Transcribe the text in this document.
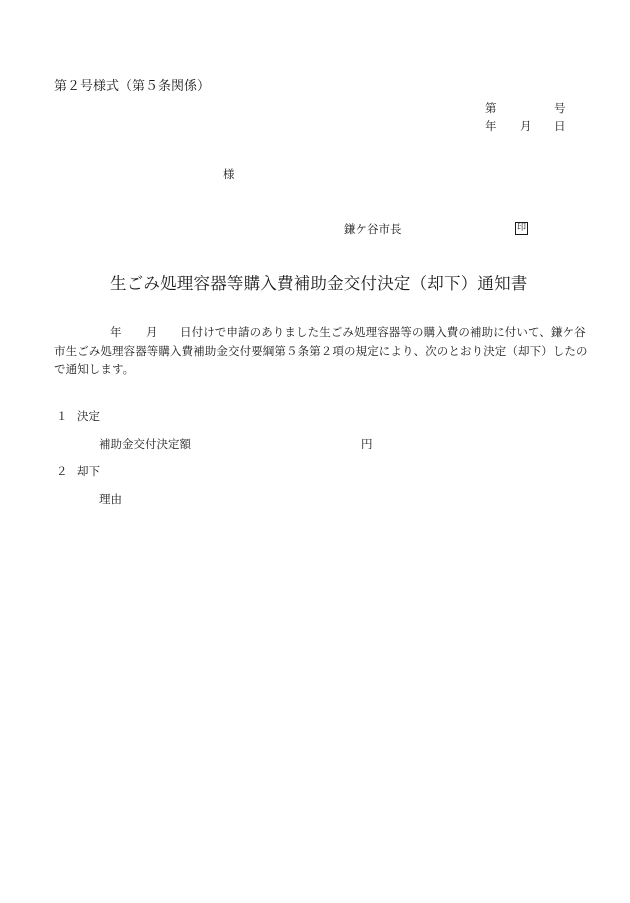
第２号様式（第５条関係）
第	号
年 月 日
様
鎌ケ谷市長	印
生ごみ処理容器等購入費補助金交付決定（却下）通知書
年 月 日付けで申請のありました生ごみ処理容器等の購入費の補助に付いて、鎌ケ谷
市生ごみ処理容器等購入費補助金交付要綱第５条第２項の規定により、次のとおり決定（却下）したの
で通知します。
１ 決定
補助金交付決定額	円
２ 却下
理由
